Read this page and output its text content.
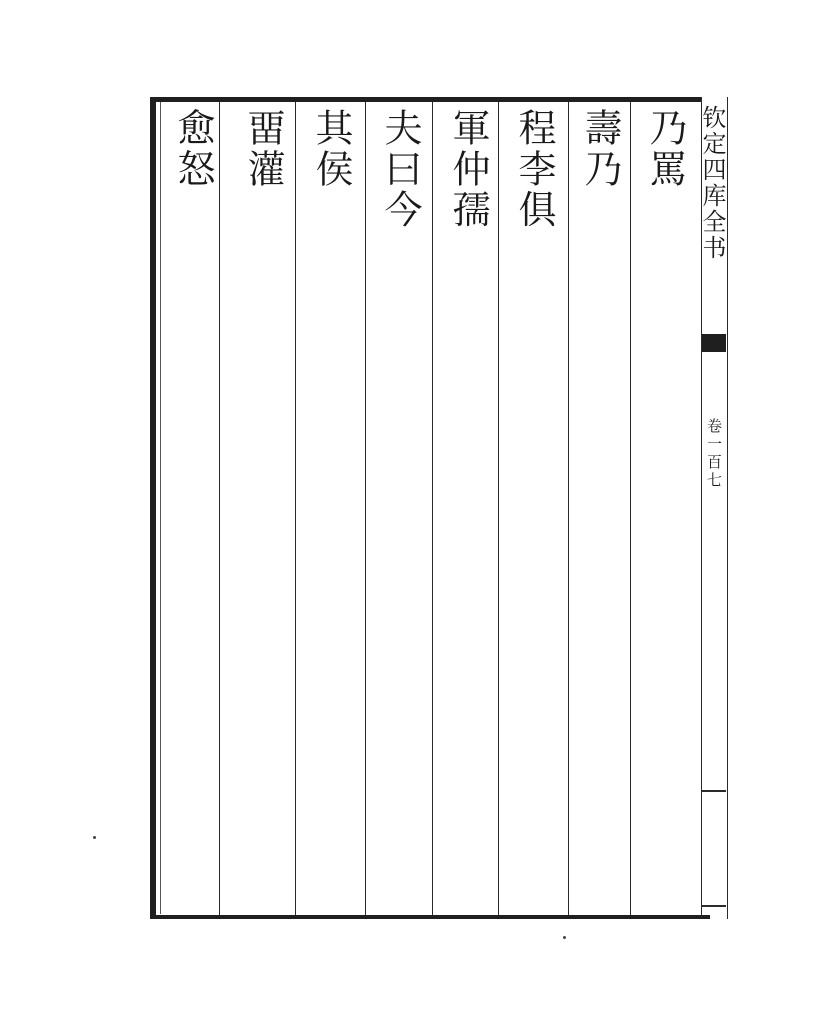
钦定四库全书
卷一百七
乃罵
壽乃
程李俱
軍仲孺
夫曰今
其侯
畱灌
愈怒
